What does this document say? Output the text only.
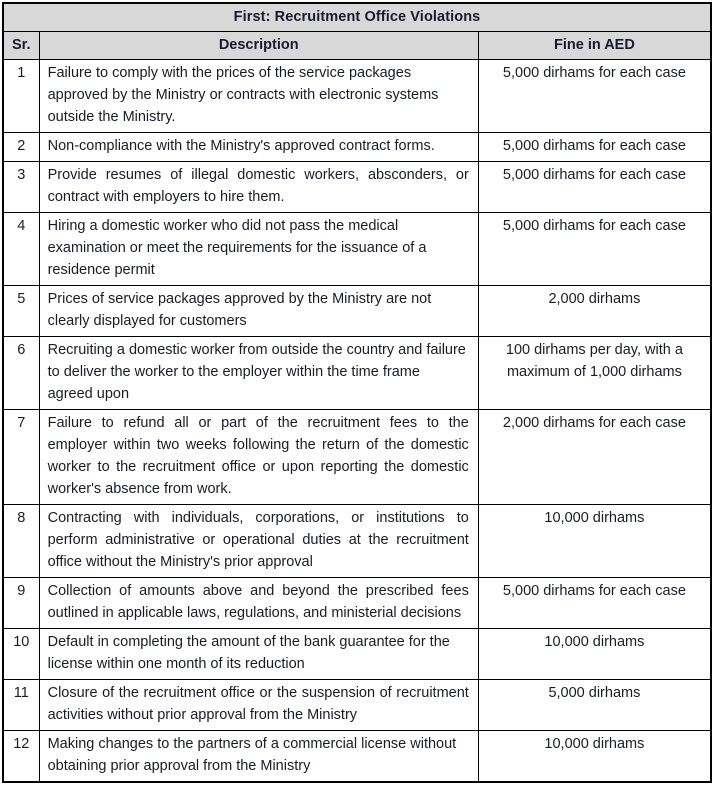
First: Recruitment Office Violations		
Sr.	Description	Fine in AED
1	Failure to comply with the prices of the service packages approved by the Ministry or contracts with electronic systems outside the Ministry.	5,000 dirhams for each case
2	Non-compliance with the Ministry's approved contract forms.	5,000 dirhams for each case
3	Provide resumes of illegal domestic workers, absconders, or contract with employers to hire them.	5,000 dirhams for each case
4	Hiring a domestic worker who did not pass the medical examination or meet the requirements for the issuance of a residence permit	5,000 dirhams for each case
5	Prices of service packages approved by the Ministry are not clearly displayed for customers	2,000 dirhams
6	Recruiting a domestic worker from outside the country and failure to deliver the worker to the employer within the time frame agreed upon	100 dirhams per day, with a maximum of 1,000 dirhams
7	Failure to refund all or part of the recruitment fees to the employer within two weeks following the return of the domestic worker to the recruitment office or upon reporting the domestic worker's absence from work.	2,000 dirhams for each case
8	Contracting with individuals, corporations, or institutions to perform administrative or operational duties at the recruitment office without the Ministry's prior approval	10,000 dirhams
9	Collection of amounts above and beyond the prescribed fees outlined in applicable laws, regulations, and ministerial decisions	5,000 dirhams for each case
10	Default in completing the amount of the bank guarantee for the license within one month of its reduction	10,000 dirhams
11	Closure of the recruitment office or the suspension of recruitment activities without prior approval from the Ministry	5,000 dirhams
12	Making changes to the partners of a commercial license without obtaining prior approval from the Ministry	10,000 dirhams
